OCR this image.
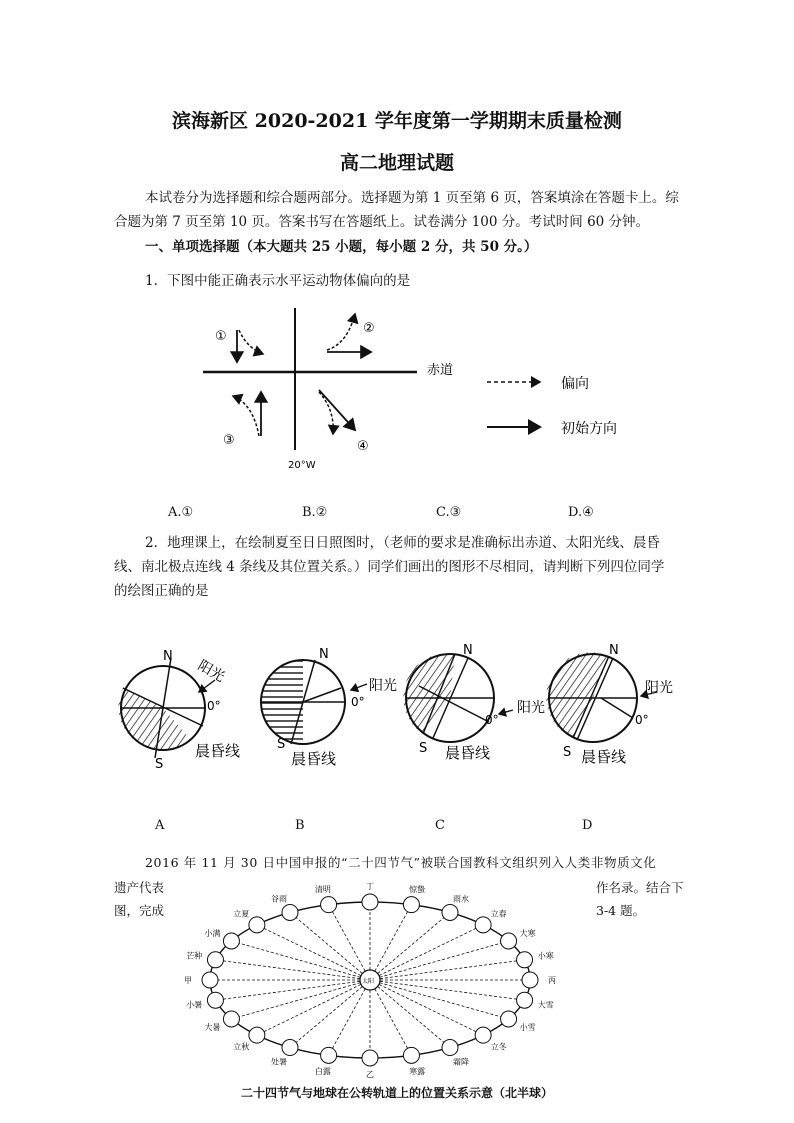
滨海新区 2020-2021 学年度第一学期期末质量检测
高二地理试题
本试卷分为选择题和综合题两部分。选择题为第 1 页至第 6 页，答案填涂在答题卡上。综
合题为第 7 页至第 10 页。答案书写在答题纸上。试卷满分 100 分。考试时间 60 分钟。
一、单项选择题（本大题共 25 小题，每小题 2 分，共 50 分。）
1．下图中能正确表示水平运动物体偏向的是
①
②
③	④
赤道
20°W
偏向
初始方向
A.①	B.②	C.③	D.④
2．地理课上，在绘制夏至日日照图时，（老师的要求是准确标出赤道、太阳光线、晨昏
线、南北极点连线 4 条线及其位置关系。）同学们画出的图形不尽相同，请判断下列四位同学
的绘图正确的是
N
S
0°
阳光
晨昏线
N
S
0°
阳光
晨昏线
N
S
0°
阳光
晨昏线
N
S
0°
阳光
晨昏线
A	B	C	D
2016 年 11 月 30 日中国申报的“二十四节气”被联合国教科文组织列入人类非物质文化
遗产代表	作名录。结合下
图，完成	3-4 题。
太阳
丁	惊蛰
雨水
立春
大寒
小寒
丙
大雪
小雪
立冬
霜降
寒露
乙
白露
处暑
立秋
大暑
小暑
甲
芒种
小满
立夏
谷雨
清明
二十四节气与地球在公转轨道上的位置关系示意（北半球）
